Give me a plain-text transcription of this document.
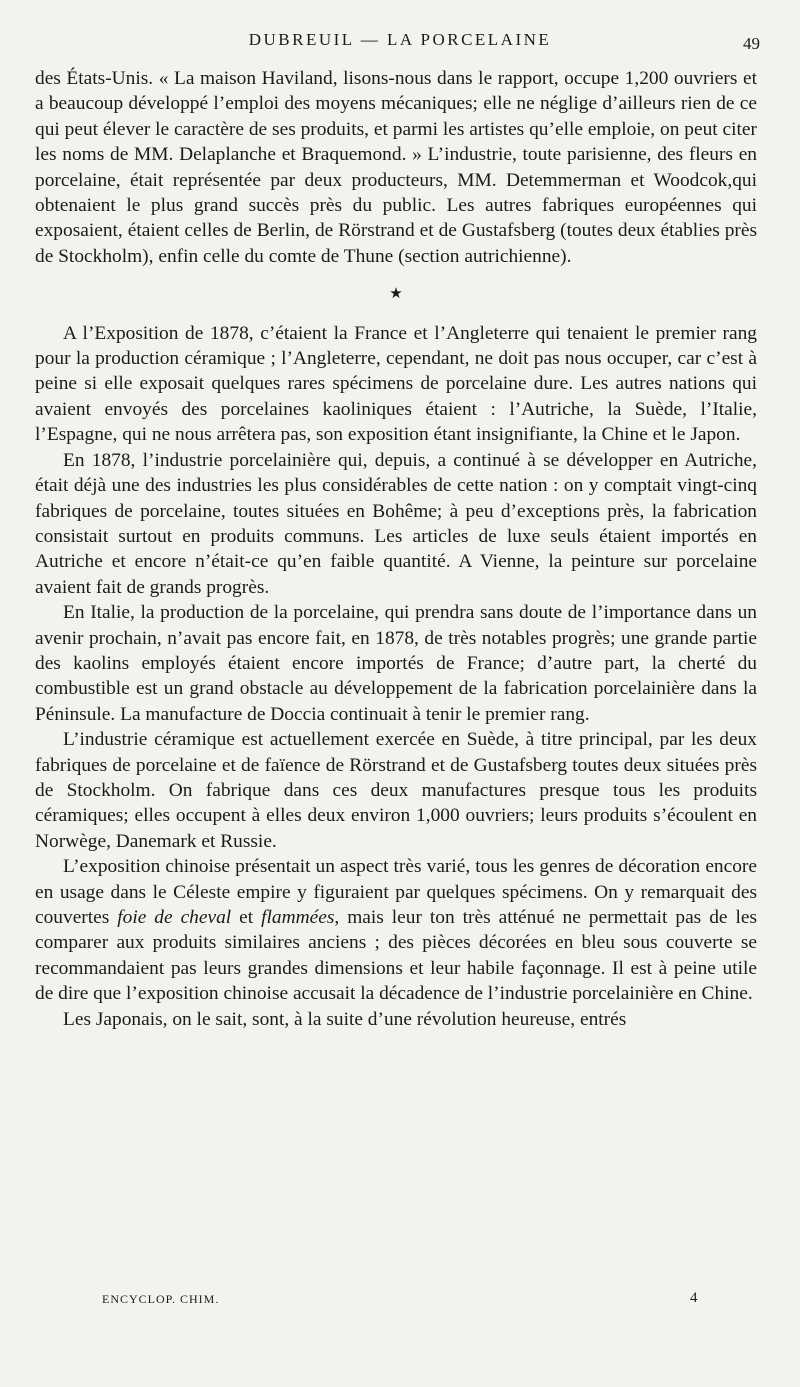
DUBREUIL — LA PORCELAINE	49

des États-Unis. « La maison Haviland, lisons-nous dans le rapport, occupe 1,200 ouvriers et a beaucoup développé l’emploi des moyens mécaniques; elle ne néglige d’ailleurs rien de ce qui peut élever le caractère de ses produits, et parmi les artistes qu’elle emploie, on peut citer les noms de MM. Delaplanche et Braquemond. » L’industrie, toute parisienne, des fleurs en porcelaine, était représentée par deux producteurs, MM. Detemmerman et Woodcok,qui obtenaient le plus grand succès près du public. Les autres fabriques européennes qui exposaient, étaient celles de Berlin, de Rörstrand et de Gustafsberg (toutes deux établies près de Stockholm), enfin celle du comte de Thune (section autrichienne).

★

A l’Exposition de 1878, c’étaient la France et l’Angleterre qui tenaient le premier rang pour la production céramique ; l’Angleterre, cependant, ne doit pas nous occuper, car c’est à peine si elle exposait quelques rares spécimens de porcelaine dure. Les autres nations qui avaient envoyés des porcelaines kaoliniques étaient : l’Autriche, la Suède, l’Italie, l’Espagne, qui ne nous arrêtera pas, son exposition étant insignifiante, la Chine et le Japon.

En 1878, l’industrie porcelainière qui, depuis, a continué à se développer en Autriche, était déjà une des industries les plus considérables de cette nation : on y comptait vingt-cinq fabriques de porcelaine, toutes situées en Bohême; à peu d’exceptions près, la fabrication consistait surtout en produits communs. Les articles de luxe seuls étaient importés en Autriche et encore n’était-ce qu’en faible quantité. A Vienne, la peinture sur porcelaine avaient fait de grands progrès.

En Italie, la production de la porcelaine, qui prendra sans doute de l’importance dans un avenir prochain, n’avait pas encore fait, en 1878, de très notables progrès; une grande partie des kaolins employés étaient encore importés de France; d’autre part, la cherté du combustible est un grand obstacle au développement de la fabrication porcelainière dans la Péninsule. La manufacture de Doccia continuait à tenir le premier rang.

L’industrie céramique est actuellement exercée en Suède, à titre principal, par les deux fabriques de porcelaine et de faïence de Rörstrand et de Gustafsberg toutes deux situées près de Stockholm. On fabrique dans ces deux manufactures presque tous les produits céramiques; elles occupent à elles deux environ 1,000 ouvriers; leurs produits s’écoulent en Norwège, Danemark et Russie.

L’exposition chinoise présentait un aspect très varié, tous les genres de décoration encore en usage dans le Céleste empire y figuraient par quelques spécimens. On y remarquait des couvertes foie de cheval et flammées, mais leur ton très atténué ne permettait pas de les comparer aux produits similaires anciens ; des pièces décorées en bleu sous couverte se recommandaient pas leurs grandes dimensions et leur habile façonnage. Il est à peine utile de dire que l’exposition chinoise accusait la décadence de l’industrie porcelainière en Chine.

Les Japonais, on le sait, sont, à la suite d’une révolution heureuse, entrés

ENCYCLOP. CHIM.	4
